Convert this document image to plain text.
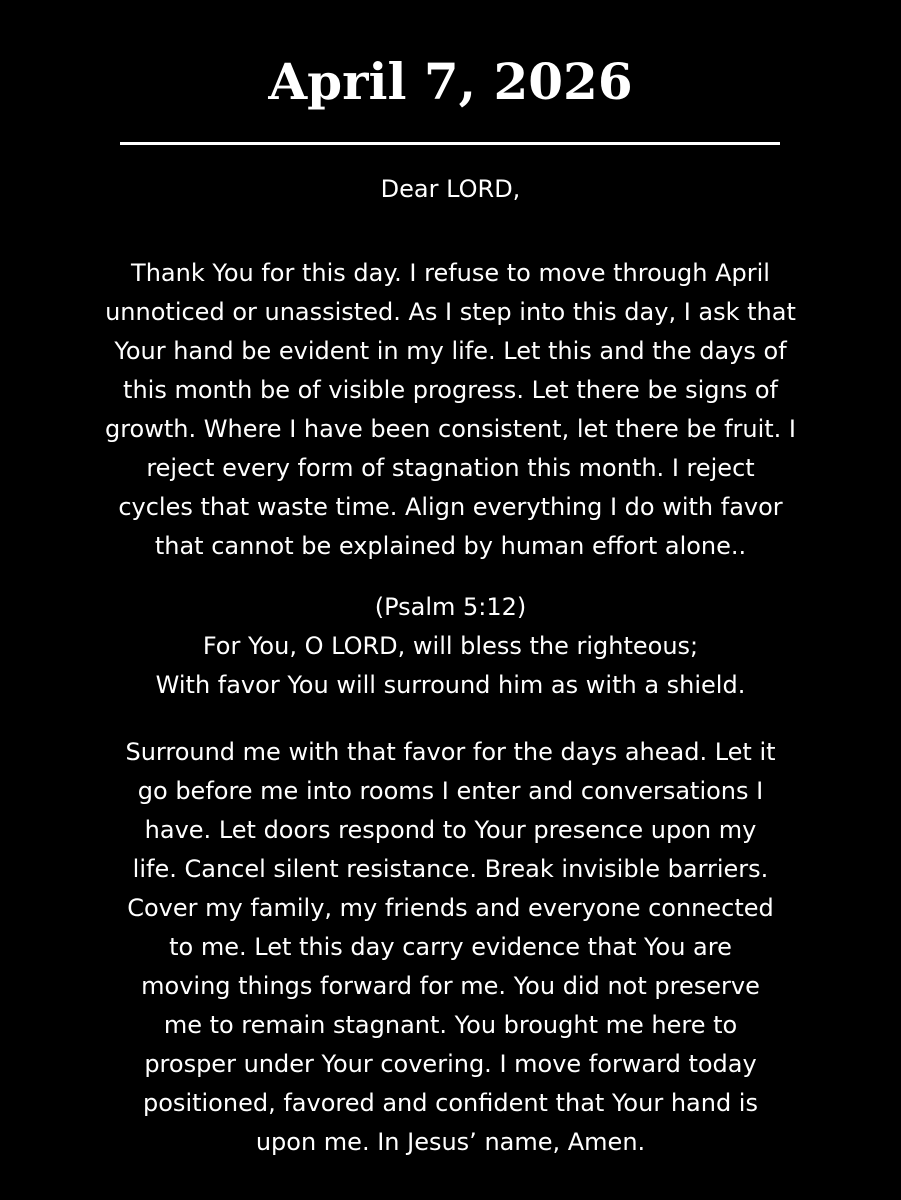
April 7, 2026
Dear LORD,
Thank You for this day. I refuse to move through April
unnoticed or unassisted. As I step into this day, I ask that
Your hand be evident in my life. Let this and the days of
this month be of visible progress. Let there be signs of
growth. Where I have been consistent, let there be fruit. I
reject every form of stagnation this month. I reject
cycles that waste time. Align everything I do with favor
that cannot be explained by human effort alone..
(Psalm 5:12)
For You, O LORD, will bless the righteous;
With favor You will surround him as with a shield.
Surround me with that favor for the days ahead. Let it
go before me into rooms I enter and conversations I
have. Let doors respond to Your presence upon my
life. Cancel silent resistance. Break invisible barriers.
Cover my family, my friends and everyone connected
to me. Let this day carry evidence that You are
moving things forward for me. You did not preserve
me to remain stagnant. You brought me here to
prosper under Your covering. I move forward today
positioned, favored and confident that Your hand is
upon me. In Jesus’ name, Amen.
